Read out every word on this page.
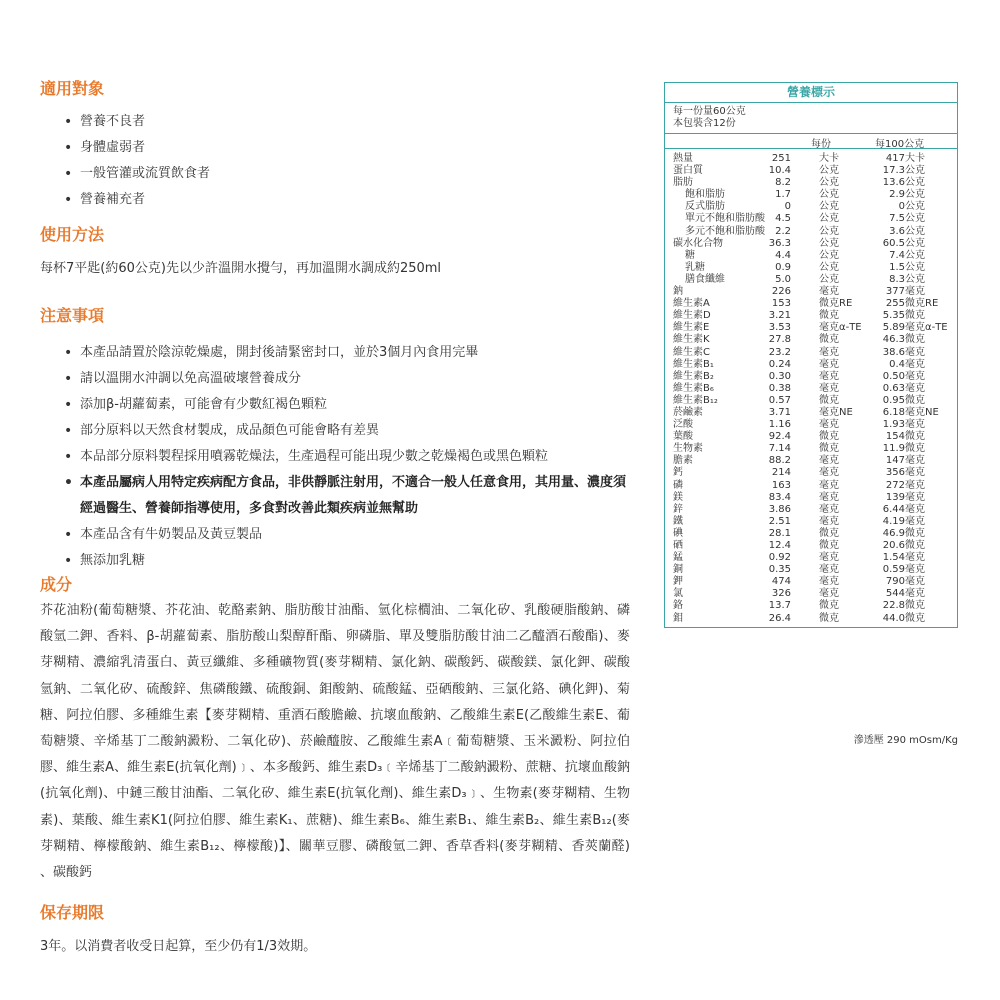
適用對象
• 營養不良者
• 身體虛弱者
• 一般管灌或流質飲食者
• 營養補充者
使用方法
每杯7平匙(約60公克)先以少許溫開水攪勻，再加溫開水調成約250ml
注意事項
• 本產品請置於陰涼乾燥處，開封後請緊密封口，並於3個月內食用完畢
• 請以溫開水沖調以免高溫破壞營養成分
• 添加β-胡蘿蔔素，可能會有少數紅褐色顆粒
• 部分原料以天然食材製成，成品顏色可能會略有差異
• 本品部分原料製程採用噴霧乾燥法，生產過程可能出現少數之乾燥褐色或黑色顆粒
• 本產品屬病人用特定疾病配方食品，非供靜脈注射用，不適合一般人任意食用，其用量、濃度須經過醫生、營養師指導使用，多食對改善此類疾病並無幫助
• 本產品含有牛奶製品及黃豆製品
• 無添加乳糖
成分
芥花油粉(葡萄糖漿、芥花油、乾酪素鈉、脂肪酸甘油酯、氫化棕櫚油、二氧化矽、乳酸硬脂酸鈉、磷酸氫二鉀、香料、β-胡蘿蔔素、脂肪酸山梨醇酐酯、卵磷脂、單及雙脂肪酸甘油二乙醯酒石酸酯)、麥芽糊精、濃縮乳清蛋白、黃豆纖維、多種礦物質(麥芽糊精、氯化鈉、碳酸鈣、碳酸鎂、氯化鉀、碳酸氫鈉、二氧化矽、硫酸鋅、焦磷酸鐵、硫酸銅、鉬酸鈉、硫酸錳、亞硒酸鈉、三氯化鉻、碘化鉀)、菊糖、阿拉伯膠、多種維生素【麥芽糊精、重酒石酸膽鹼、抗壞血酸鈉、乙酸維生素E(乙酸維生素E、葡萄糖漿、辛烯基丁二酸鈉澱粉、二氧化矽)、菸鹼醯胺、乙酸維生素A﹝葡萄糖漿、玉米澱粉、阿拉伯膠、維生素A、維生素E(抗氧化劑)﹞、本多酸鈣、維生素D₃﹝辛烯基丁二酸鈉澱粉、蔗糖、抗壞血酸鈉(抗氧化劑)、中鏈三酸甘油酯、二氧化矽、維生素E(抗氧化劑)、維生素D₃﹞、生物素(麥芽糊精、生物素)、葉酸、維生素K1(阿拉伯膠、維生素K₁、蔗糖)、維生素B₆、維生素B₁、維生素B₂、維生素B₁₂(麥芽糊精、檸檬酸鈉、維生素B₁₂、檸檬酸)】、關華豆膠、磷酸氫二鉀、香草香料(麥芽糊精、香莢蘭醛) 、碳酸鈣
保存期限
3年。以消費者收受日起算，至少仍有1/3效期。
營養標示
每一份量60公克
本包裝含12份
每份	每100公克
熱量	251	大卡	417 大卡
蛋白質	10.4	公克	17.3 公克
脂肪	8.2	公克	13.6 公克
飽和脂肪	1.7	公克	2.9 公克
反式脂肪	0	公克	0 公克
單元不飽和脂肪酸 4.5	公克	7.5 公克
多元不飽和脂肪酸 2.2	公克	3.6 公克
碳水化合物	36.3	公克	60.5 公克
糖	4.4	公克	7.4 公克
乳糖	0.9	公克	1.5 公克
膳食纖維	5.0	公克	8.3 公克
鈉	226	毫克	377 毫克
維生素A	153	微克RE	255 微克RE
維生素D	3.21	微克	5.35 微克
維生素E	3.53	毫克α-TE 5.89 毫克α-TE
維生素K	27.8	微克	46.3 微克
維生素C	23.2	毫克	38.6 毫克
維生素B₁	0.24	毫克	0.4 毫克
維生素B₂	0.30	毫克	0.50 毫克
維生素B₆	0.38	毫克	0.63 毫克
維生素B₁₂	0.57	微克	0.95 微克
菸鹼素	3.71	毫克NE	6.18 毫克NE
泛酸	1.16	毫克	1.93 毫克
葉酸	92.4	微克	154 微克
生物素	7.14	微克	11.9 微克
膽素	88.2	毫克	147 毫克
鈣	214	毫克	356 毫克
磷	163	毫克	272 毫克
鎂	83.4	毫克	139 毫克
鋅	3.86	毫克	6.44 毫克
鐵	2.51	毫克	4.19 毫克
碘	28.1	微克	46.9 微克
硒	12.4	微克	20.6 微克
錳	0.92	毫克	1.54 毫克
銅	0.35	毫克	0.59 毫克
鉀	474	毫克	790 毫克
氯	326	毫克	544 毫克
鉻	13.7	微克	22.8 微克
鉬	26.4	微克	44.0 微克
滲透壓 290 mOsm/Kg
